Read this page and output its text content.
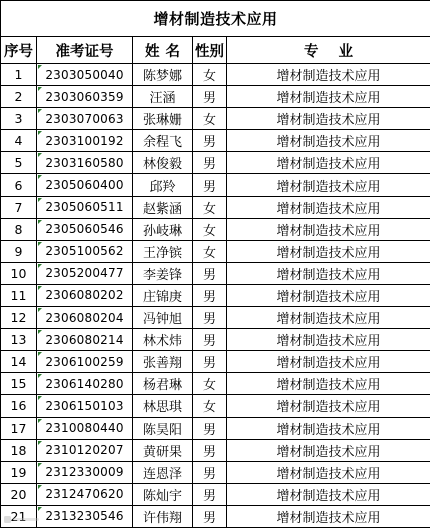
增材制造技术应用				
序号	准考证号	姓名	性别	专业
1	2303050040	陈梦娜	女	增材制造技术应用
2	2303060359	汪涵	男	增材制造技术应用
3	2303070063	张琳姗	女	增材制造技术应用
4	2303100192	余程飞	男	增材制造技术应用
5	2303160580	林俊毅	男	增材制造技术应用
6	2305060400	邱羚	男	增材制造技术应用
7	2305060511	赵紫涵	女	增材制造技术应用
8	2305060546	孙岐琳	女	增材制造技术应用
9	2305100562	王净镔	女	增材制造技术应用
10	2305200477	李姜锋	男	增材制造技术应用
11	2306080202	庄锦庚	男	增材制造技术应用
12	2306080204	冯钟旭	男	增材制造技术应用
13	2306080214	林术炜	男	增材制造技术应用
14	2306100259	张善翔	男	增材制造技术应用
15	2306140280	杨君琳	女	增材制造技术应用
16	2306150103	林思琪	女	增材制造技术应用
17	2310080440	陈昊阳	男	增材制造技术应用
18	2310120207	黄研果	男	增材制造技术应用
19	2312330009	连恩泽	男	增材制造技术应用
20	2312470620	陈灿宇	男	增材制造技术应用
21	2313230546	许伟翔	男	增材制造技术应用
